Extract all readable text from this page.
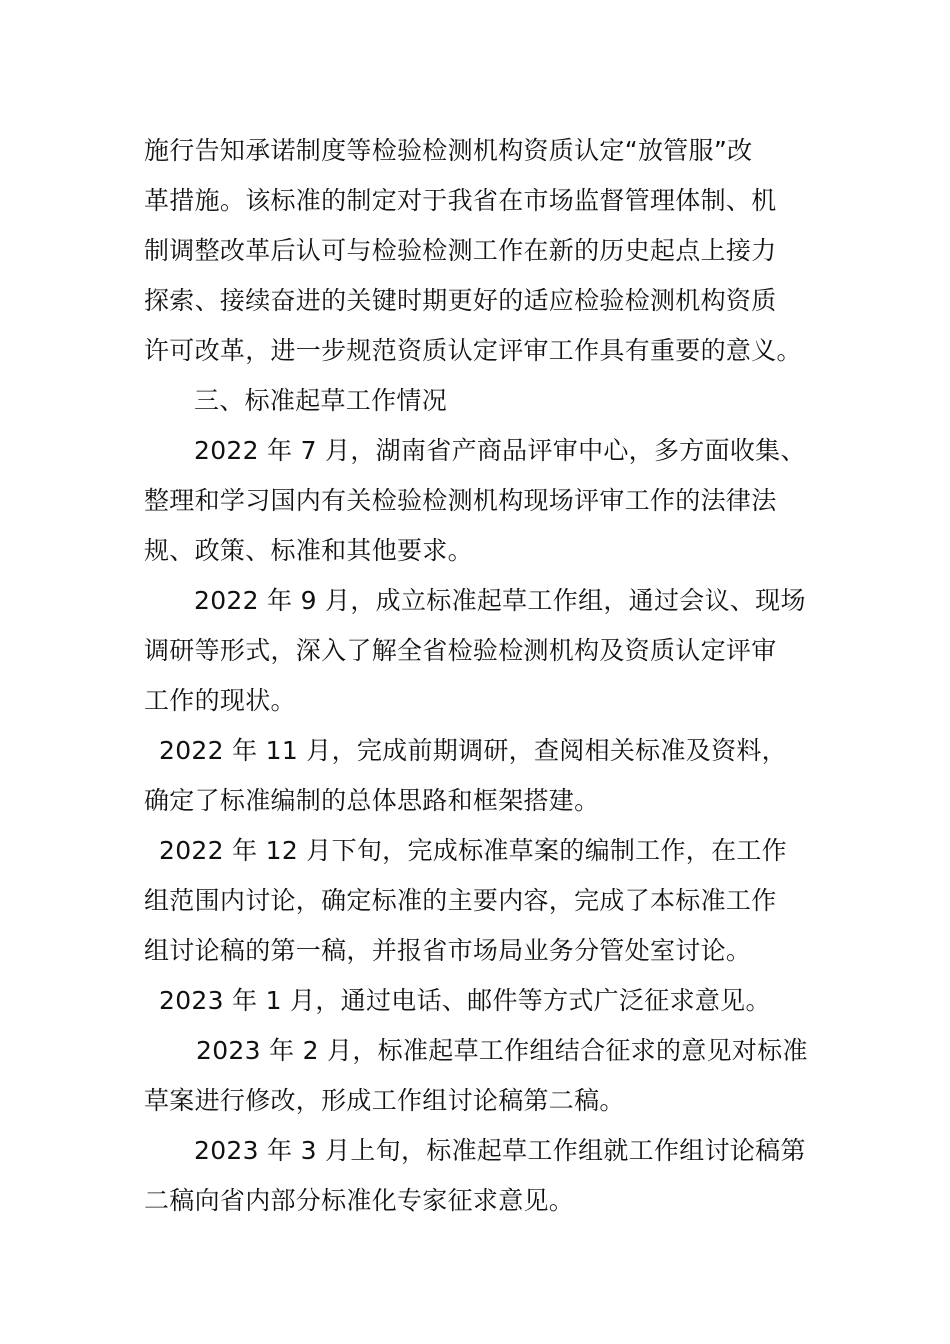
施行告知承诺制度等检验检测机构资质认定“放管服”改
革措施。该标准的制定对于我省在市场监督管理体制、机
制调整改革后认可与检验检测工作在新的历史起点上接力
探索、接续奋进的关键时期更好的适应检验检测机构资质
许可改革，进一步规范资质认定评审工作具有重要的意义。
三、标准起草工作情况
2022 年 7 月，湖南省产商品评审中心，多方面收集、
整理和学习国内有关检验检测机构现场评审工作的法律法
规、政策、标准和其他要求。
2022 年 9 月，成立标准起草工作组，通过会议、现场
调研等形式，深入了解全省检验检测机构及资质认定评审
工作的现状。
2022 年 11 月，完成前期调研，查阅相关标准及资料，
确定了标准编制的总体思路和框架搭建。
2022 年 12 月下旬，完成标准草案的编制工作，在工作
组范围内讨论，确定标准的主要内容，完成了本标准工作
组讨论稿的第一稿，并报省市场局业务分管处室讨论。
2023 年 1 月，通过电话、邮件等方式广泛征求意见。
2023 年 2 月，标准起草工作组结合征求的意见对标准
草案进行修改，形成工作组讨论稿第二稿。
2023 年 3 月上旬，标准起草工作组就工作组讨论稿第
二稿向省内部分标准化专家征求意见。
